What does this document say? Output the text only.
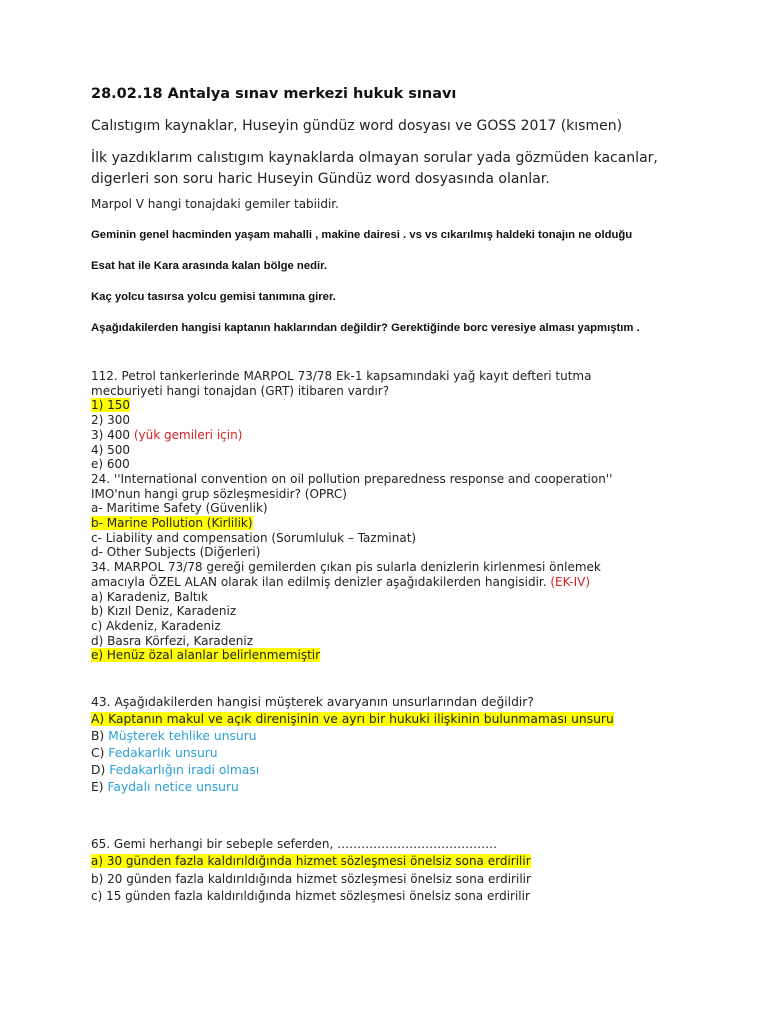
28.02.18 Antalya sınav merkezi hukuk sınavı
Calıstıgım kaynaklar, Huseyin gündüz word dosyası ve GOSS 2017 (kısmen)
İlk yazdıklarım calıstıgım kaynaklarda olmayan sorular yada gözmüden kacanlar,
digerleri son soru haric Huseyin Gündüz word dosyasında olanlar.
Marpol V hangi tonajdaki gemiler tabiidir.
Geminin genel hacminden yaşam mahalli , makine dairesi . vs vs cıkarılmış haldeki tonajın ne olduğu
Esat hat ile Kara arasında kalan bölge nedir.
Kaç yolcu tasırsa yolcu gemisi tanımına girer.
Aşağıdakilerden hangisi kaptanın haklarından değildir? Gerektiğinde borc veresiye alması yapmıştım .
112. Petrol tankerlerinde MARPOL 73/78 Ek-1 kapsamındaki yağ kayıt defteri tutma
mecburiyeti hangi tonajdan (GRT) itibaren vardır?
1) 150
2) 300
3) 400 (yük gemileri için)
4) 500
e) 600
24. ''International convention on oil pollution preparedness response and cooperation''
IMO'nun hangi grup sözleşmesidir? (OPRC)
a- Maritime Safety (Güvenlik)
b- Marine Pollution (Kirlilik)
c- Liability and compensation (Sorumluluk – Tazminat)
d- Other Subjects (Diğerleri)
34. MARPOL 73/78 gereği gemilerden çıkan pis sularla denizlerin kirlenmesi önlemek
amacıyla ÖZEL ALAN olarak ilan edilmiş denizler aşağıdakilerden hangisidir. (EK-IV)
a) Karadeniz, Baltık
b) Kızıl Deniz, Karadeniz
c) Akdeniz, Karadeniz
d) Basra Körfezi, Karadeniz
e) Henüz özal alanlar belirlenmemiştir
43. Aşağıdakilerden hangisi müşterek avaryanın unsurlarından değildir?
A) Kaptanın makul ve açık direnişinin ve ayrı bir hukuki ilişkinin bulunmaması unsuru
B) Müşterek tehlike unsuru
C) Fedakarlık unsuru
D) Fedakarlığın iradi olması
E) Faydalı netice unsuru
65. Gemi herhangi bir sebeple seferden, ………………………………….
a) 30 günden fazla kaldırıldığında hizmet sözleşmesi önelsiz sona erdirilir
b) 20 günden fazla kaldırıldığında hizmet sözleşmesi önelsiz sona erdirilir
c) 15 günden fazla kaldırıldığında hizmet sözleşmesi önelsiz sona erdirilir
